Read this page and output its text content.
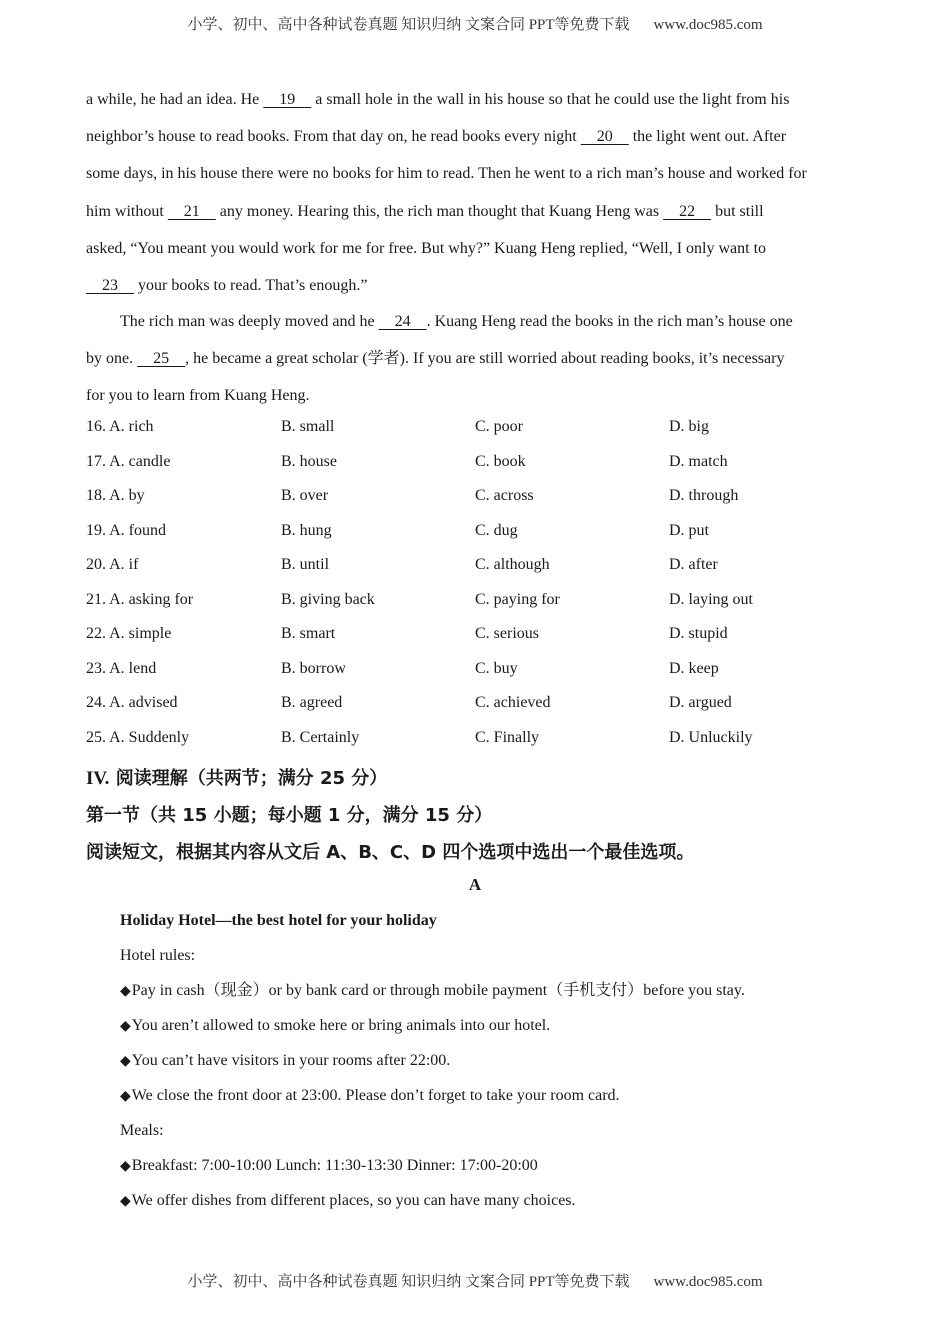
小学、初中、高中各种试卷真题 知识归纳 文案合同 PPT等免费下载 www.doc985.com
a while, he had an idea. He     19     a small hole in the wall in his house so that he could use the light from his
neighbor’s house to read books. From that day on, he read books every night     20     the light went out. After
some days, in his house there were no books for him to read. Then he went to a rich man’s house and worked for
him without     21     any money. Hearing this, the rich man thought that Kuang Heng was     22     but still
asked, “You meant you would work for me for free. But why?” Kuang Heng replied, “Well, I only want to
23     your books to read. That’s enough.”
The rich man was deeply moved and he     24    . Kuang Heng read the books in the rich man’s house one
by one.     25    , he became a great scholar (学者). If you are still worried about reading books, it’s necessary
for you to learn from Kuang Heng.
16. A. rich	B. small	C. poor	D. big
17. A. candle	B. house	C. book	D. match
18. A. by	B. over	C. across	D. through
19. A. found	B. hung	C. dug	D. put
20. A. if	B. until	C. although	D. after
21. A. asking for	B. giving back	C. paying for	D. laying out
22. A. simple	B. smart	C. serious	D. stupid
23. A. lend	B. borrow	C. buy	D. keep
24. A. advised	B. agreed	C. achieved	D. argued
25. A. Suddenly	B. Certainly	C. Finally	D. Unluckily
IV. 阅读理解（共两节；满分 25 分）
第一节（共 15 小题；每小题 1 分，满分 15 分）
阅读短文，根据其内容从文后 A、B、C、D 四个选项中选出一个最佳选项。
A
Holiday Hotel—the best hotel for your holiday
Hotel rules:
◆Pay in cash（现金）or by bank card or through mobile payment（手机支付）before you stay.
◆You aren’t allowed to smoke here or bring animals into our hotel.
◆You can’t have visitors in your rooms after 22:00.
◆We close the front door at 23:00. Please don’t forget to take your room card.
Meals:
◆Breakfast: 7:00-10:00 Lunch: 11:30-13:30 Dinner: 17:00-20:00
◆We offer dishes from different places, so you can have many choices.
小学、初中、高中各种试卷真题 知识归纳 文案合同 PPT等免费下载 www.doc985.com
